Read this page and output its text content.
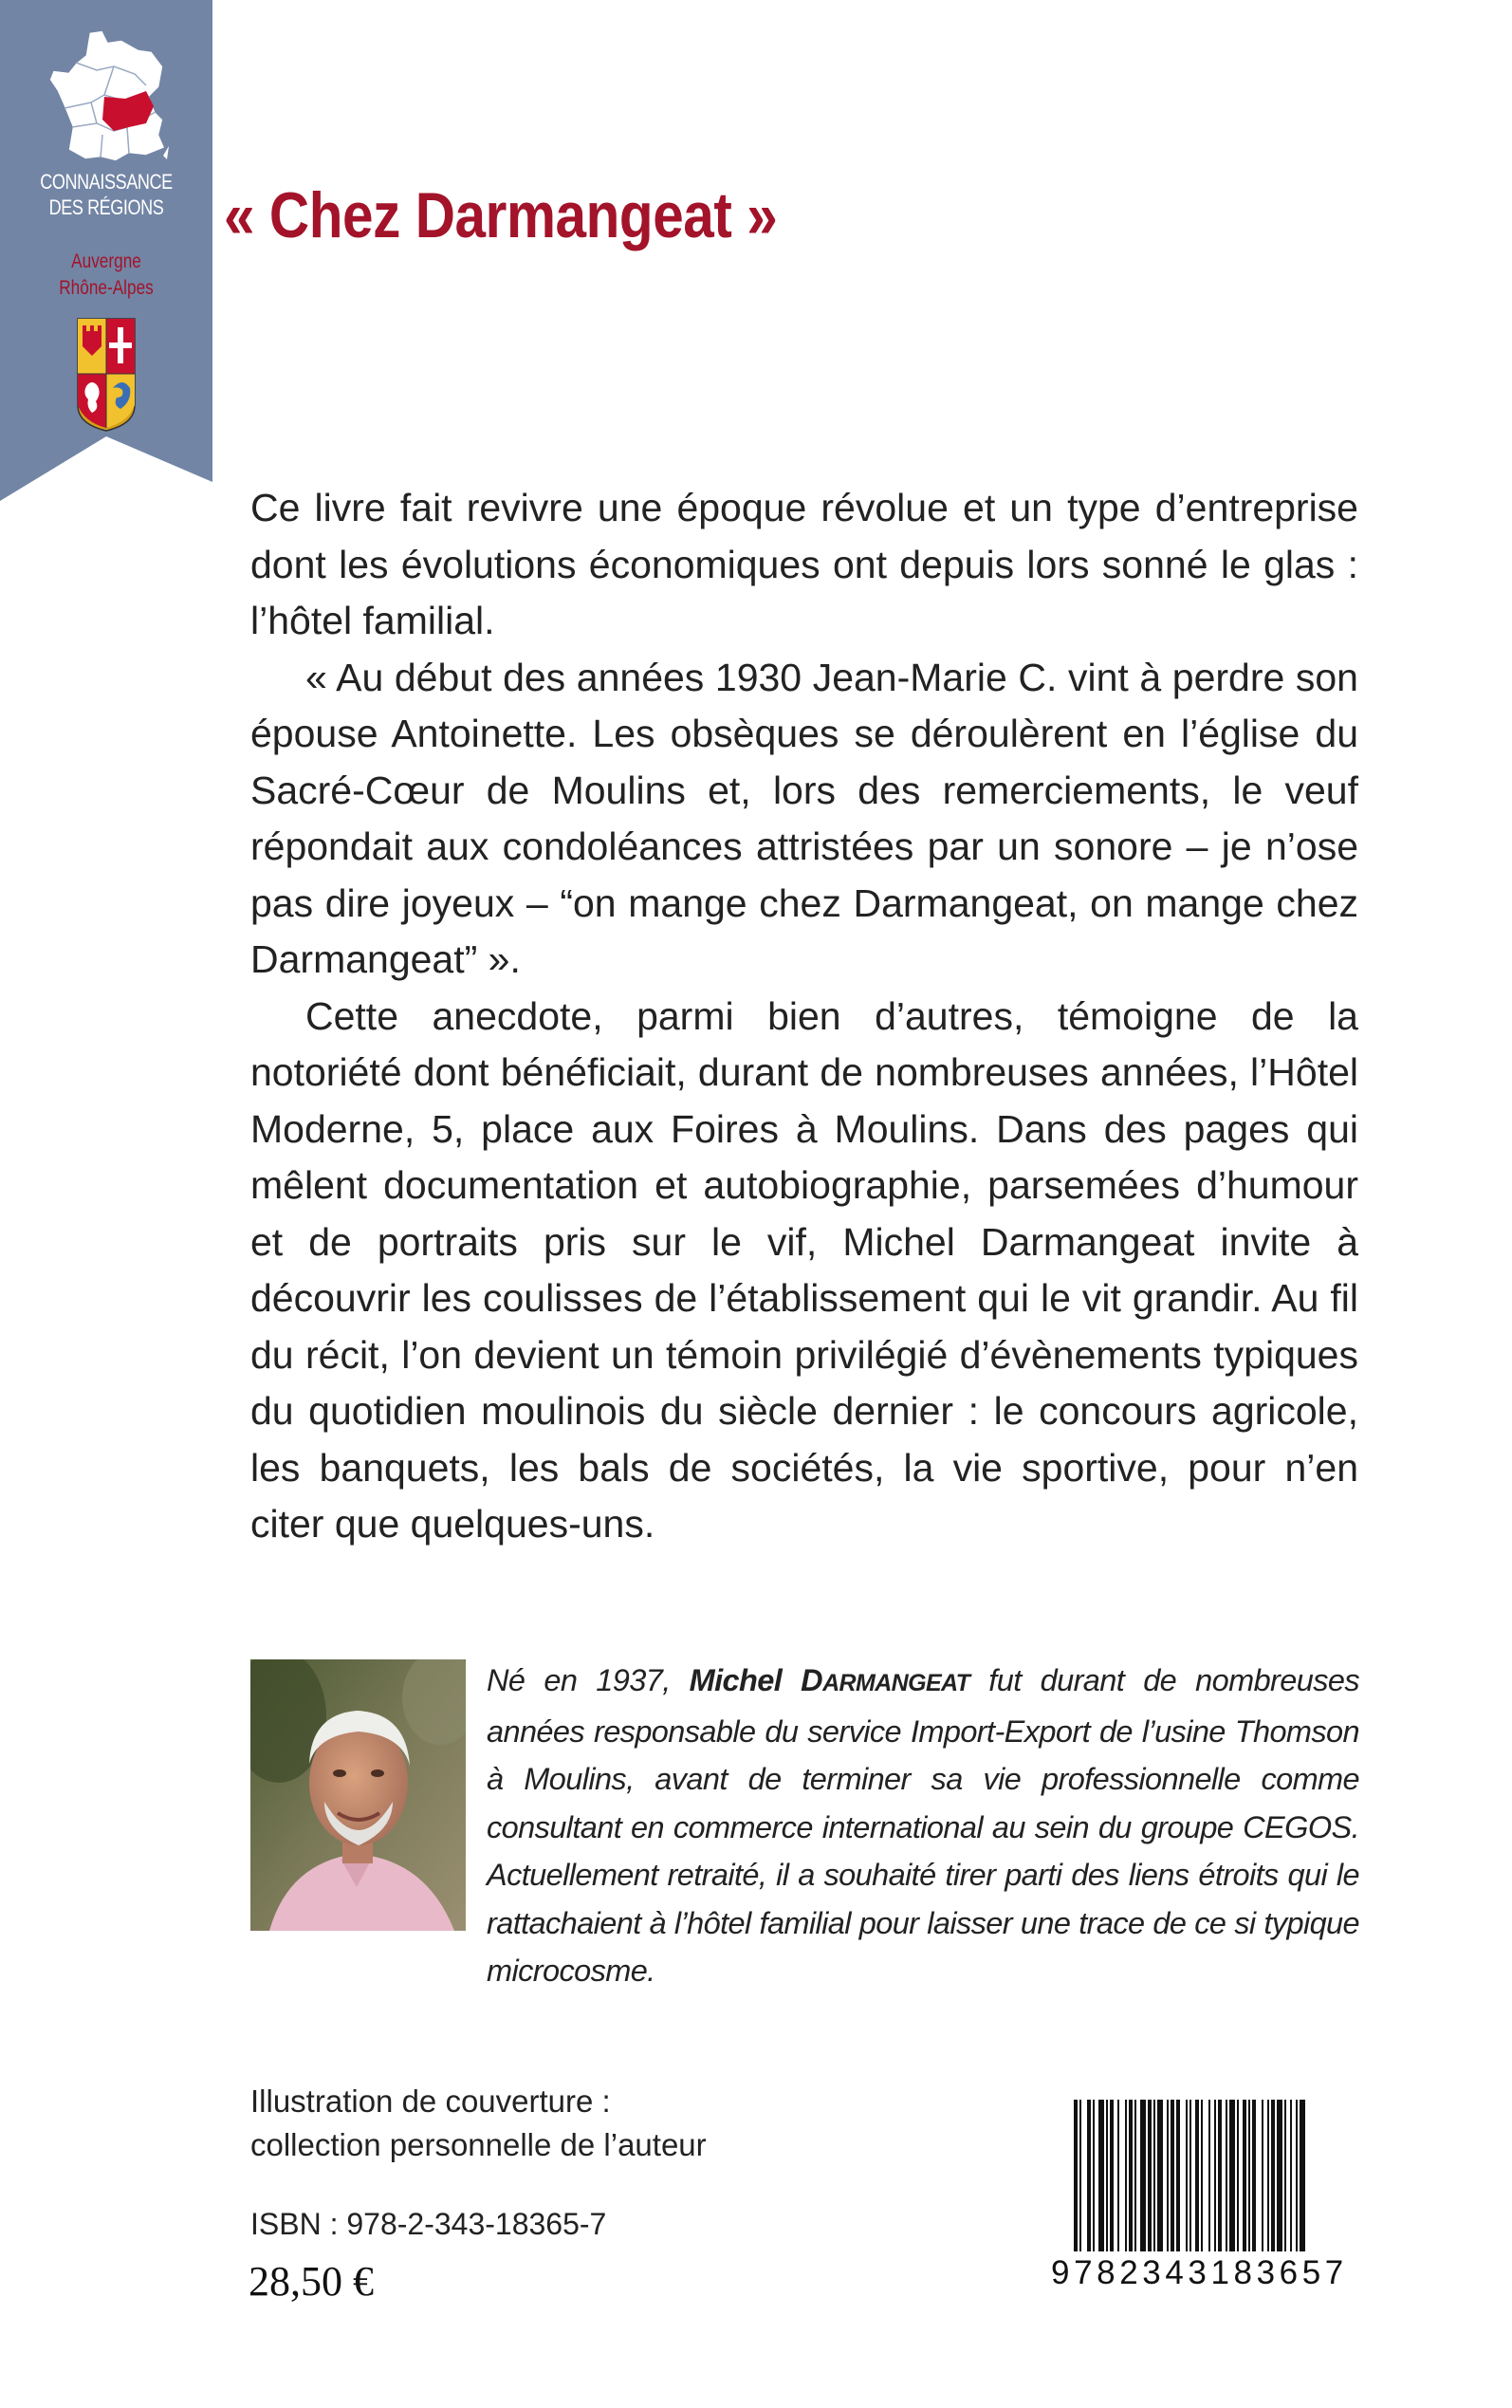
CONNAISSANCE
DES RÉGIONS
Auvergne
Rhône-Alpes
« Chez Darmangeat »

Ce livre fait revivre une époque révolue et un type d’entreprise dont les évolutions économiques ont depuis lors sonné le glas : l’hôtel familial.

« Au début des années 1930 Jean-Marie C. vint à perdre son épouse Antoinette. Les obsèques se déroulèrent en l’église du Sacré-Cœur de Moulins et, lors des remerciements, le veuf répondait aux condoléances attristées par un sonore – je n’ose pas dire joyeux – “on mange chez Darmangeat, on mange chez Darmangeat” ».

Cette anecdote, parmi bien d’autres, témoigne de la notoriété dont bénéficiait, durant de nombreuses années, l’Hôtel Moderne, 5, place aux Foires à Moulins. Dans des pages qui mêlent documentation et autobiographie, parsemées d’humour et de portraits pris sur le vif, Michel Darmangeat invite à découvrir les coulisses de l’établissement qui le vit grandir. Au fil du récit, l’on devient un témoin privilégié d’évènements typiques du quotidien moulinois du siècle dernier : le concours agricole, les banquets, les bals de sociétés, la vie sportive, pour n’en citer que quelques-uns.

Né en 1937, Michel DARMANGEAT fut durant de nombreuses années responsable du service Import-Export de l’usine Thomson à Moulins, avant de terminer sa vie professionnelle comme consultant en commerce international au sein du groupe CEGOS. Actuellement retraité, il a souhaité tirer parti des liens étroits qui le rattachaient à l’hôtel familial pour laisser une trace de ce si typique microcosme.
Illustration de couverture :
collection personnelle de l’auteur
ISBN : 978-2-343-18365-7
28,50 €	9782343183657
